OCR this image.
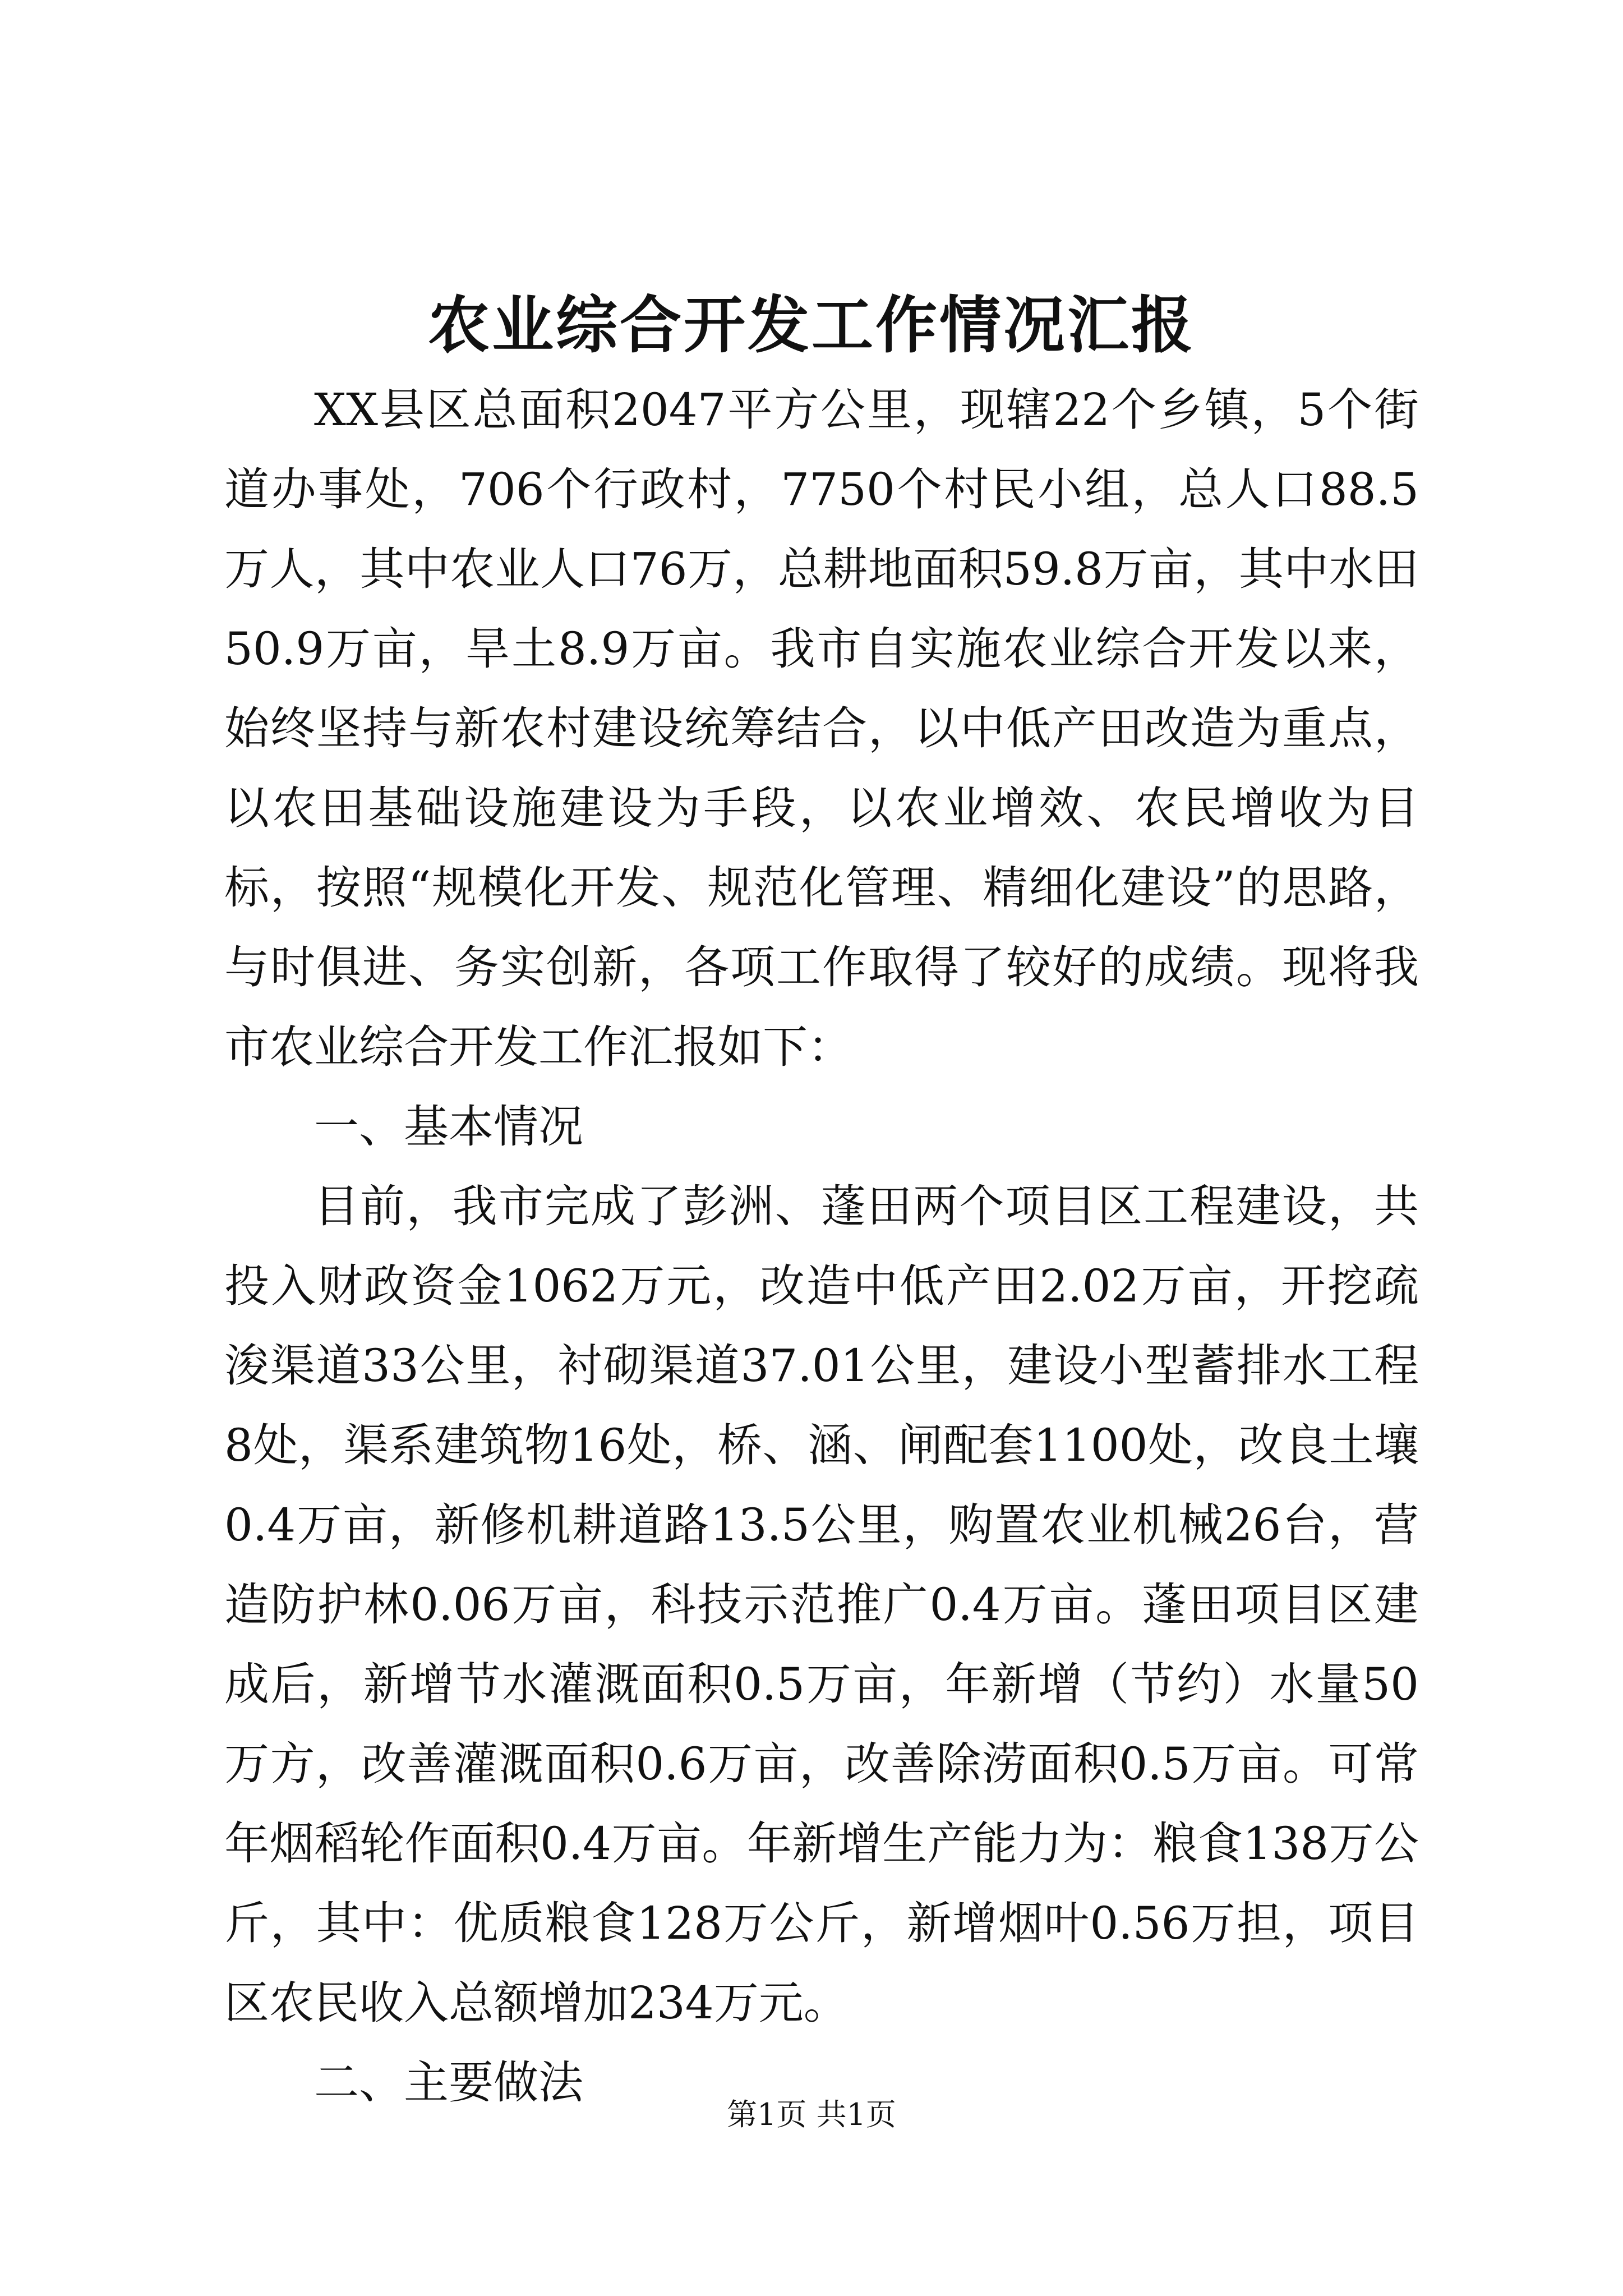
农业综合开发工作情况汇报

XX县区总面积2047平方公里，现辖22个乡镇，5个街道办事处，706个行政村，7750个村民小组，总人口88.5万人，其中农业人口76万，总耕地面积59.8万亩，其中水田50.9万亩，旱土8.9万亩。我市自实施农业综合开发以来，始终坚持与新农村建设统筹结合，以中低产田改造为重点，以农田基础设施建设为手段，以农业增效、农民增收为目标，按照“规模化开发、规范化管理、精细化建设”的思路，与时俱进、务实创新，各项工作取得了较好的成绩。现将我市农业综合开发工作汇报如下：

一、基本情况

目前，我市完成了彭洲、蓬田两个项目区工程建设，共投入财政资金1062万元，改造中低产田2.02万亩，开挖疏浚渠道33公里，衬砌渠道37.01公里，建设小型蓄排水工程8处，渠系建筑物16处，桥、涵、闸配套1100处，改良土壤0.4万亩，新修机耕道路13.5公里，购置农业机械26台，营造防护林0.06万亩，科技示范推广0.4万亩。蓬田项目区建成后，新增节水灌溉面积0.5万亩，年新增（节约）水量50万方，改善灌溉面积0.6万亩，改善除涝面积0.5万亩。可常年烟稻轮作面积0.4万亩。年新增生产能力为：粮食138万公斤，其中：优质粮食128万公斤，新增烟叶0.56万担，项目区农民收入总额增加234万元。

二、主要做法

第1页 共1页
